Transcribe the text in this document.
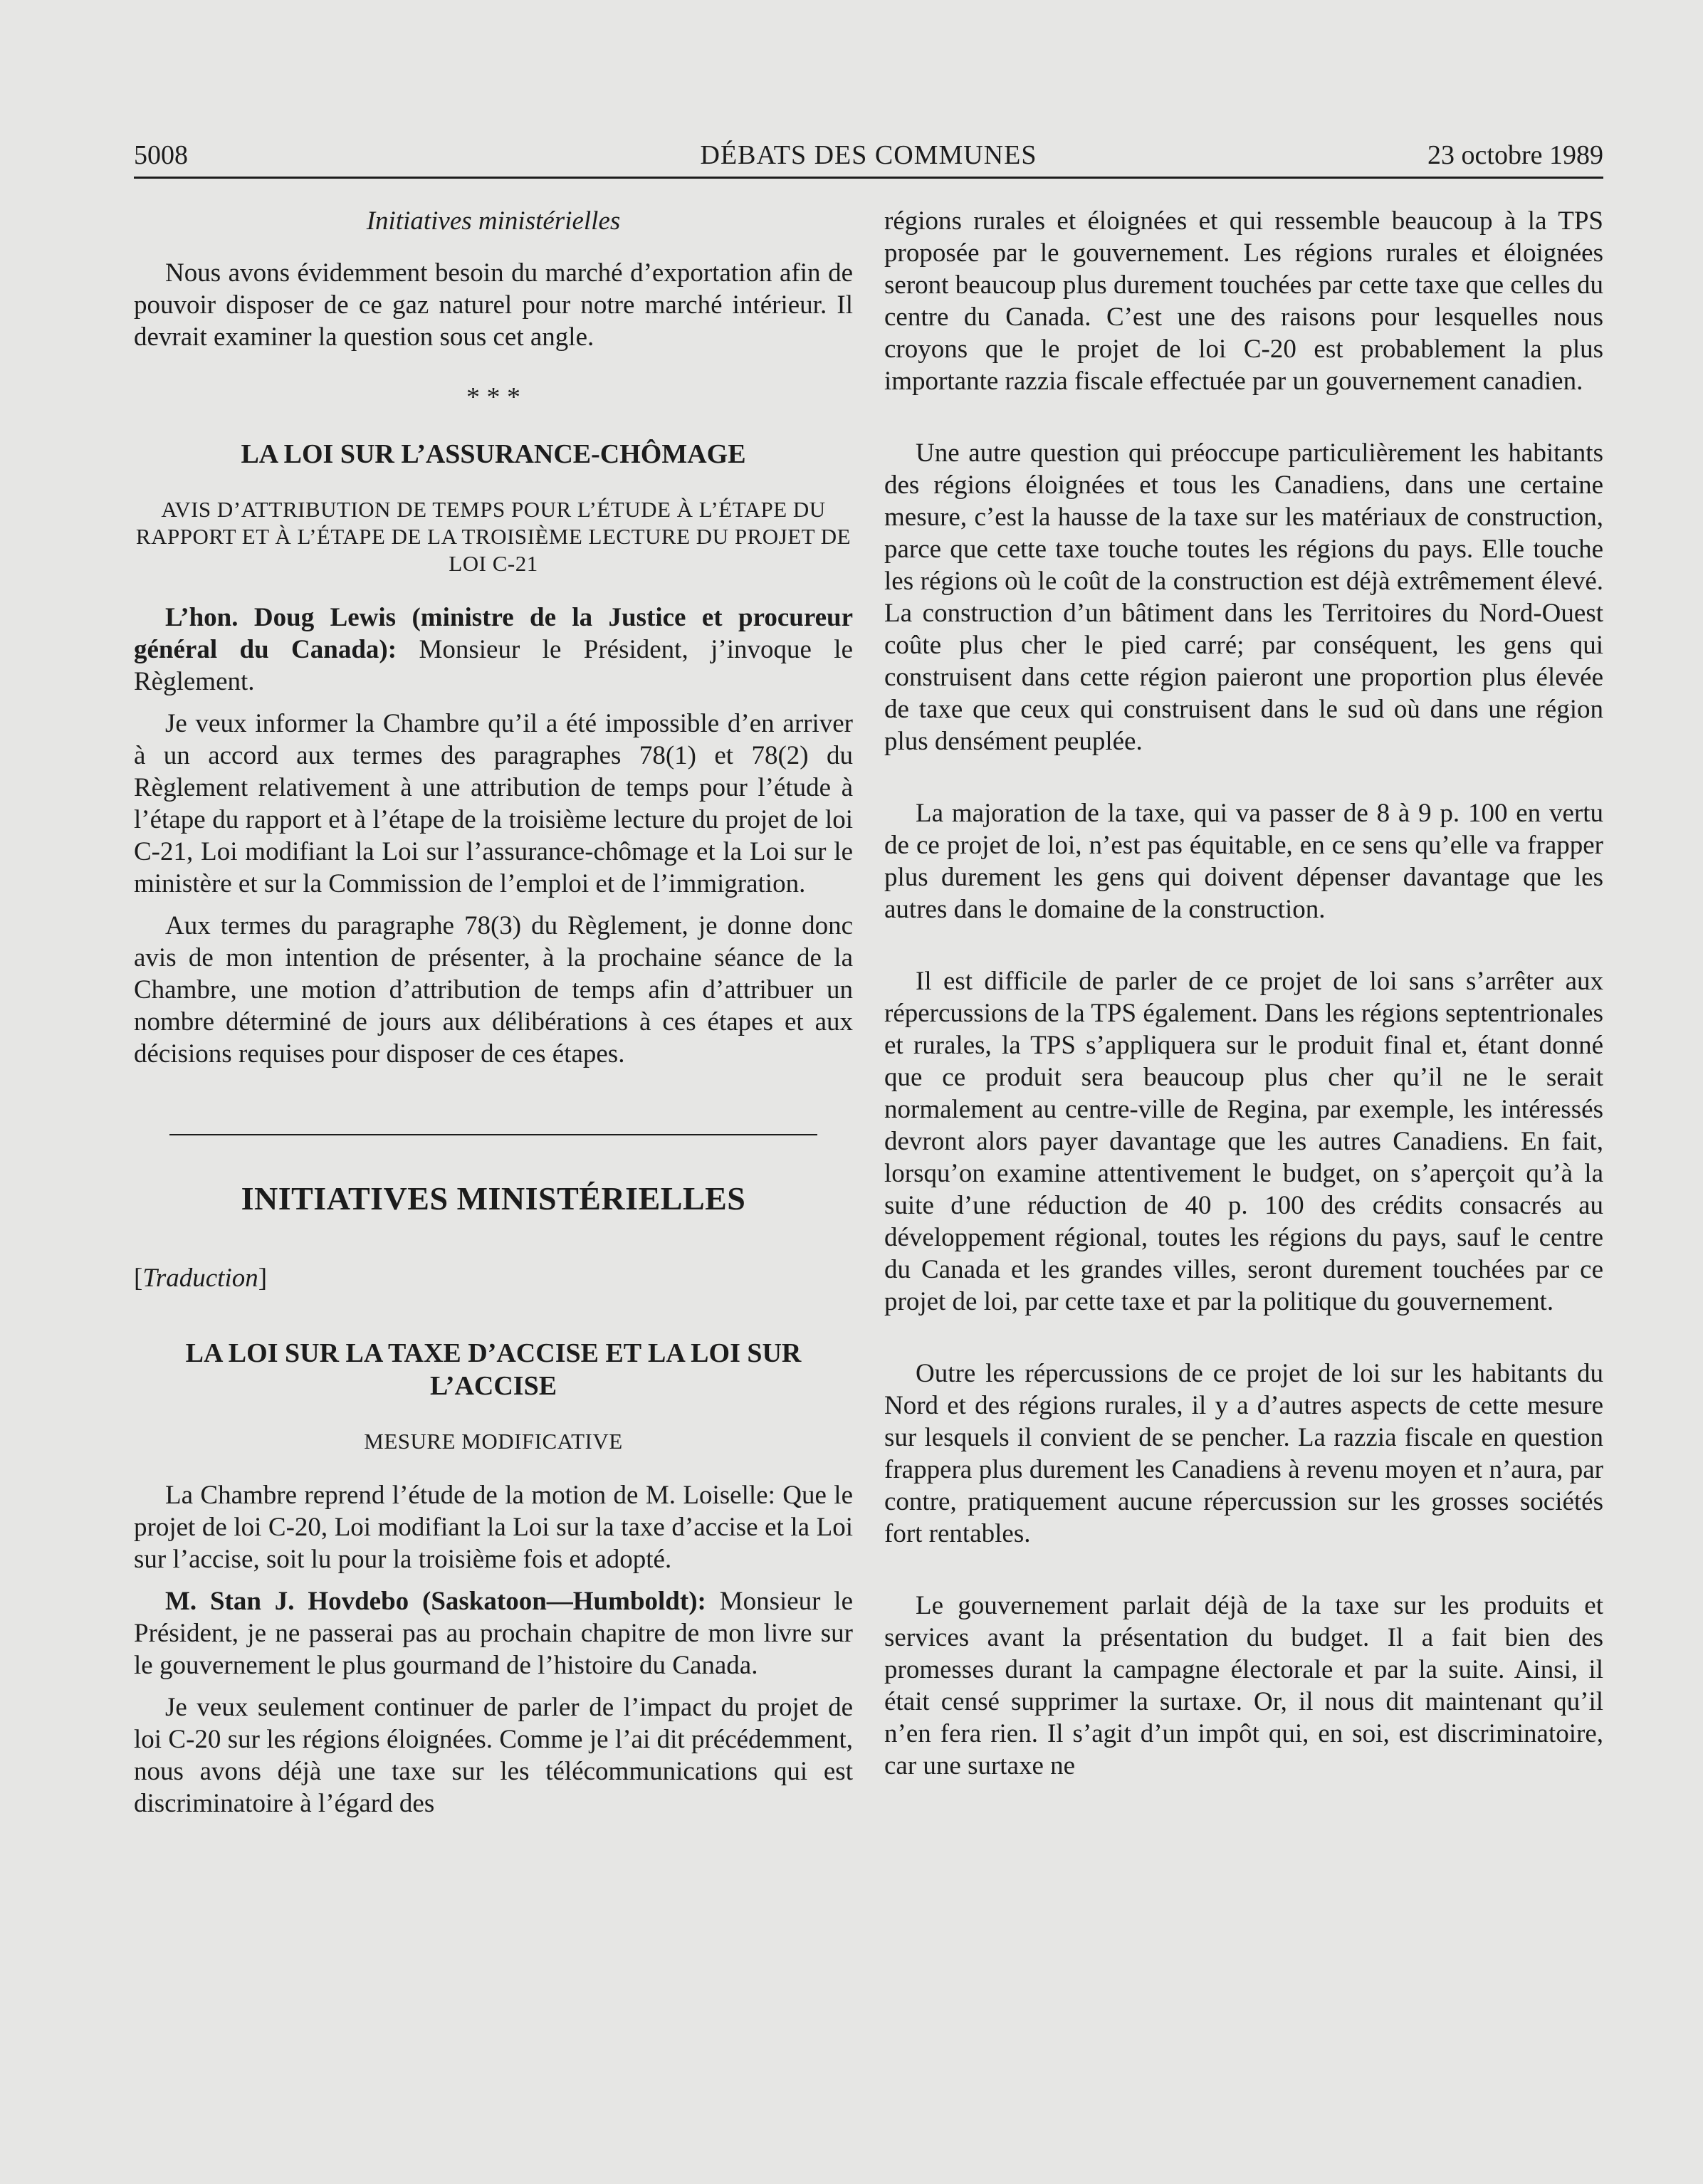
5008	DÉBATS DES COMMUNES	23 octobre 1989

Initiatives ministérielles

Nous avons évidemment besoin du marché d’exportation afin de pouvoir disposer de ce gaz naturel pour notre marché intérieur. Il devrait examiner la question sous cet angle.

* * *

LA LOI SUR L’ASSURANCE-CHÔMAGE
AVIS D’ATTRIBUTION DE TEMPS POUR L’ÉTUDE À L’ÉTAPE DU RAPPORT ET À L’ÉTAPE DE LA TROISIÈME LECTURE DU PROJET DE LOI C-21

L’hon. Doug Lewis (ministre de la Justice et procureur général du Canada): Monsieur le Président, j’invoque le Règlement.

Je veux informer la Chambre qu’il a été impossible d’en arriver à un accord aux termes des paragraphes 78(1) et 78(2) du Règlement relativement à une attribution de temps pour l’étude à l’étape du rapport et à l’étape de la troisième lecture du projet de loi C-21, Loi modifiant la Loi sur l’assurance-chômage et la Loi sur le ministère et sur la Commission de l’emploi et de l’immigration.

Aux termes du paragraphe 78(3) du Règlement, je donne donc avis de mon intention de présenter, à la prochaine séance de la Chambre, une motion d’attribution de temps afin d’attribuer un nombre déterminé de jours aux délibérations à ces étapes et aux décisions requises pour disposer de ces étapes.

INITIATIVES MINISTÉRIELLES

[Traduction]

LA LOI SUR LA TAXE D’ACCISE ET LA LOI SUR L’ACCISE
MESURE MODIFICATIVE

La Chambre reprend l’étude de la motion de M. Loiselle: Que le projet de loi C-20, Loi modifiant la Loi sur la taxe d’accise et la Loi sur l’accise, soit lu pour la troisième fois et adopté.

M. Stan J. Hovdebo (Saskatoon—Humboldt): Monsieur le Président, je ne passerai pas au prochain chapitre de mon livre sur le gouvernement le plus gourmand de l’histoire du Canada.

Je veux seulement continuer de parler de l’impact du projet de loi C-20 sur les régions éloignées. Comme je l’ai dit précédemment, nous avons déjà une taxe sur les télécommunications qui est discriminatoire à l’égard des

régions rurales et éloignées et qui ressemble beaucoup à la TPS proposée par le gouvernement. Les régions rurales et éloignées seront beaucoup plus durement touchées par cette taxe que celles du centre du Canada. C’est une des raisons pour lesquelles nous croyons que le projet de loi C-20 est probablement la plus importante razzia fiscale effectuée par un gouvernement canadien.

Une autre question qui préoccupe particulièrement les habitants des régions éloignées et tous les Canadiens, dans une certaine mesure, c’est la hausse de la taxe sur les matériaux de construction, parce que cette taxe touche toutes les régions du pays. Elle touche les régions où le coût de la construction est déjà extrêmement élevé. La construction d’un bâtiment dans les Territoires du Nord-Ouest coûte plus cher le pied carré; par conséquent, les gens qui construisent dans cette région paieront une proportion plus élevée de taxe que ceux qui construisent dans le sud où dans une région plus densément peuplée.

La majoration de la taxe, qui va passer de 8 à 9 p. 100 en vertu de ce projet de loi, n’est pas équitable, en ce sens qu’elle va frapper plus durement les gens qui doivent dépenser davantage que les autres dans le domaine de la construction.

Il est difficile de parler de ce projet de loi sans s’arrêter aux répercussions de la TPS également. Dans les régions septentrionales et rurales, la TPS s’appliquera sur le produit final et, étant donné que ce produit sera beaucoup plus cher qu’il ne le serait normalement au centre-ville de Regina, par exemple, les intéressés devront alors payer davantage que les autres Canadiens. En fait, lorsqu’on examine attentivement le budget, on s’aperçoit qu’à la suite d’une réduction de 40 p. 100 des crédits consacrés au développement régional, toutes les régions du pays, sauf le centre du Canada et les grandes villes, seront durement touchées par ce projet de loi, par cette taxe et par la politique du gouvernement.

Outre les répercussions de ce projet de loi sur les habitants du Nord et des régions rurales, il y a d’autres aspects de cette mesure sur lesquels il convient de se pencher. La razzia fiscale en question frappera plus durement les Canadiens à revenu moyen et n’aura, par contre, pratiquement aucune répercussion sur les grosses sociétés fort rentables.

Le gouvernement parlait déjà de la taxe sur les produits et services avant la présentation du budget. Il a fait bien des promesses durant la campagne électorale et par la suite. Ainsi, il était censé supprimer la surtaxe. Or, il nous dit maintenant qu’il n’en fera rien. Il s’agit d’un impôt qui, en soi, est discriminatoire, car une surtaxe ne
